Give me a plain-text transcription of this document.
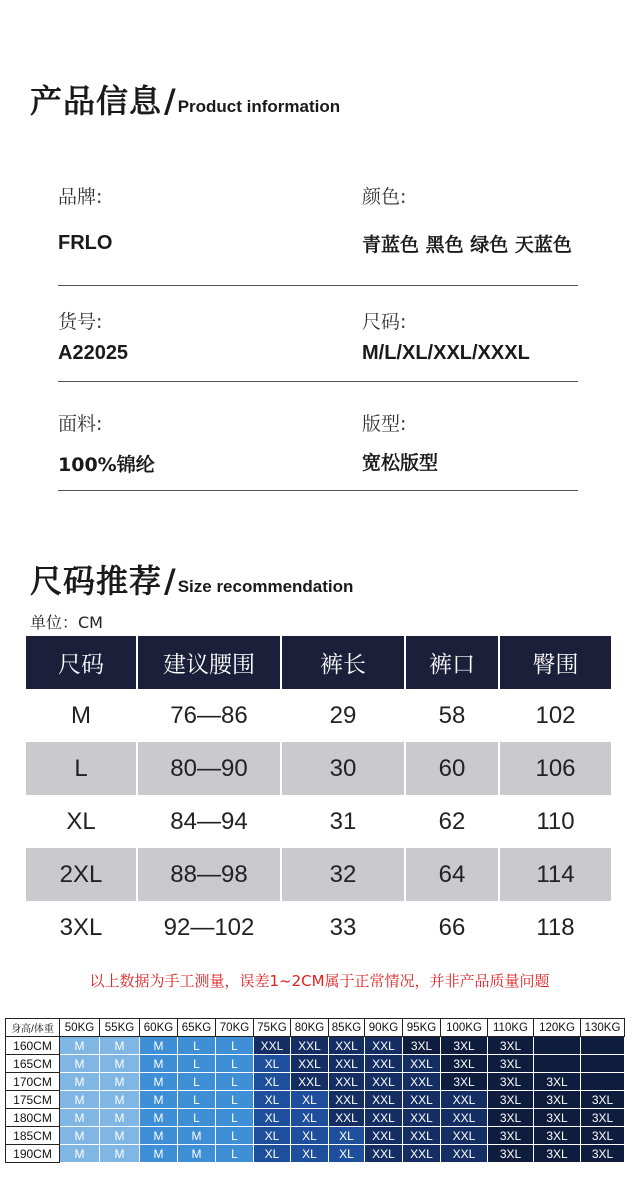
产品信息 / Product information
品牌:	颜色:
FRLO	青蓝色 黑色 绿色 天蓝色
货号:	尺码:
A22025	M/L/XL/XXL/XXXL
面料:	版型:
100%锦纶	宽松版型
尺码推荐 / Size recommendation
单位：CM
尺码	建议腰围	裤长	裤口	臀围
M	76—86	29	58	102
L	80—90	30	60	106
XL	84—94	31	62	110
2XL	88—98	32	64	114
3XL	92—102	33	66	118
以上数据为手工测量，误差1~2CM属于正常情况，并非产品质量问题
身高/体重	50KG	55KG	60KG	65KG	70KG	75KG	80KG	85KG	90KG	95KG	100KG	110KG	120KG	130KG
160CM	M	M	M	L	L	XXL	XXL	XXL	XXL	3XL	3XL	3XL		
165CM	M	M	M	L	L	XL	XXL	XXL	XXL	XXL	3XL	3XL		
170CM	M	M	M	L	L	XL	XXL	XXL	XXL	XXL	3XL	3XL	3XL	
175CM	M	M	M	L	L	XL	XL	XXL	XXL	XXL	XXL	3XL	3XL	3XL
180CM	M	M	M	L	L	XL	XL	XXL	XXL	XXL	XXL	3XL	3XL	3XL
185CM	M	M	M	M	L	XL	XL	XL	XXL	XXL	XXL	3XL	3XL	3XL
190CM	M	M	M	M	L	XL	XL	XL	XXL	XXL	XXL	3XL	3XL	3XL
